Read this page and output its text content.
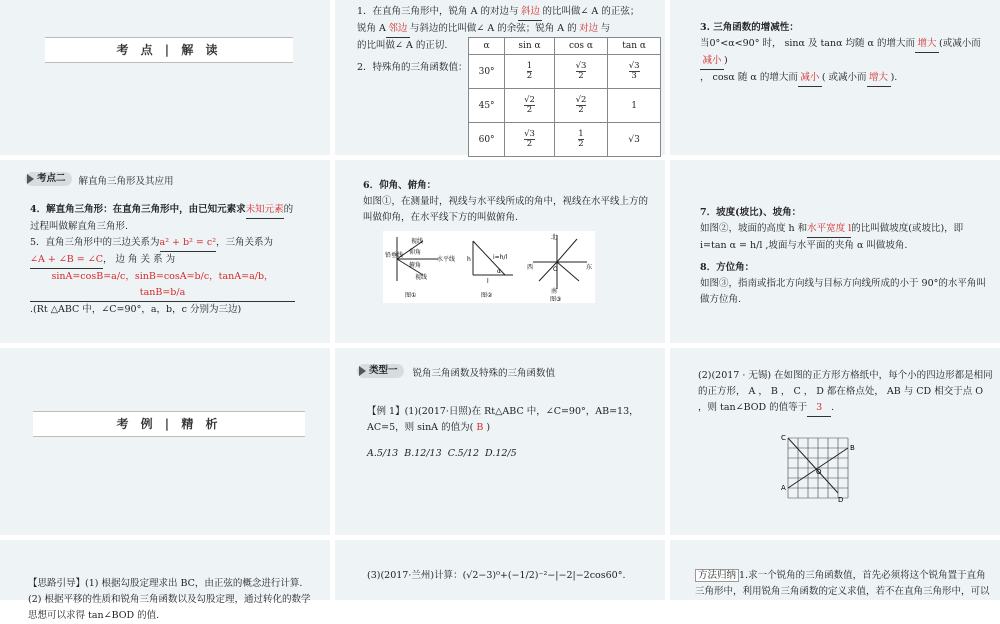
考 点 | 解 读

1．在直角三角形中，锐角 A 的对边与 斜边 的比叫做∠ A 的正弦；

锐角 A 邻边 与斜边的比叫做∠ A 的余弦；锐角 A 的 对边 与

的比叫做∠ A 的正切.

2．特殊角的三角函数值：

α	sin α	cos α	tan α
30°	$\frac{1}{2}$	$\frac{√3}{2}$	$\frac{√3}{3}$

45°	$\frac{√2}{2}$	$\frac{√2}{2}$	1
60°	$\frac{√3}{2}$	$\frac{1}{2}$	√3

3. 三角函数的增减性：

当0°<α<90° 时， sinα 及 tanα 均随 α 的增大而 增大 (或减小而减小 )

， cosα 随 α 的增大而 减小 ( 或减小而 增大 ).

考点二 解直角三角形及其应用

4．解直角三角形：在直角三角形中，由已知元素求未知元素的过程叫做解直角三角形.

5．直角三角形中的三边关系为a² + b² = c²，三角关系为∠A + ∠B = ∠C， 边 角 关 系 为sinA=cosB=a/c，sinB=cosA=b/c，tanA=a/b，tanB=b/a.(Rt △ABC 中，∠C=90°，a，b，c 分别为三边)

6．仰角、俯角：

如图①，在测量时，视线与水平线所成的角中，视线在水平线上方的叫做仰角，在水平线下方的叫做俯角.

视线
仰角
俯角
视线
铅垂线
水平线
图①
h
l
i=h/l
α
图②
北
南
西	东
O
图③

7．坡度(坡比)、坡角：

如图②，坡面的高度 h 和水平宽度 l的比叫做坡度(或坡比)，即

i=tan α = h/l ,坡面与水平面的夹角 α 叫做坡角.

8．方位角：

如图③，指南或指北方向线与目标方向线所成的小于 90°的水平角叫做方位角.

考 例 | 精 析
类型一 锐角三角函数及特殊的三角函数值

【例 1】(1)(2017·日照)在 Rt△ABC 中，∠C=90°，AB=13，AC=5，则 sinA 的值为( B )

A.5/13 B.12/13 C.5/12 D.12/5

(2)(2017 · 无锡) 在如图的正方形方格纸中，每个小的四边形都是相同的正方形， A ， B ， C ， D 都在格点处， AB 与 CD 相交于点 O ，则 tan∠BOD 的值等于 3 .

C
B
A
D
O

【思路引导】(1) 根据勾股定理求出 BC，由正弦的概念进行计算.

(2) 根据平移的性质和锐角三角函数以及勾股定理，通过转化的数学思想可以求得 tan∠BOD 的值.

(3)(2017·兰州)计算：(√2−3)⁰+(−1/2)⁻²−|−2|−2cos60°.	方法归纳 1.求一个锐角的三角函数值，首先必须将这个锐角置于直角三角形中，利用锐角三角函数的定义求值，若不在直角三角形中，可以
